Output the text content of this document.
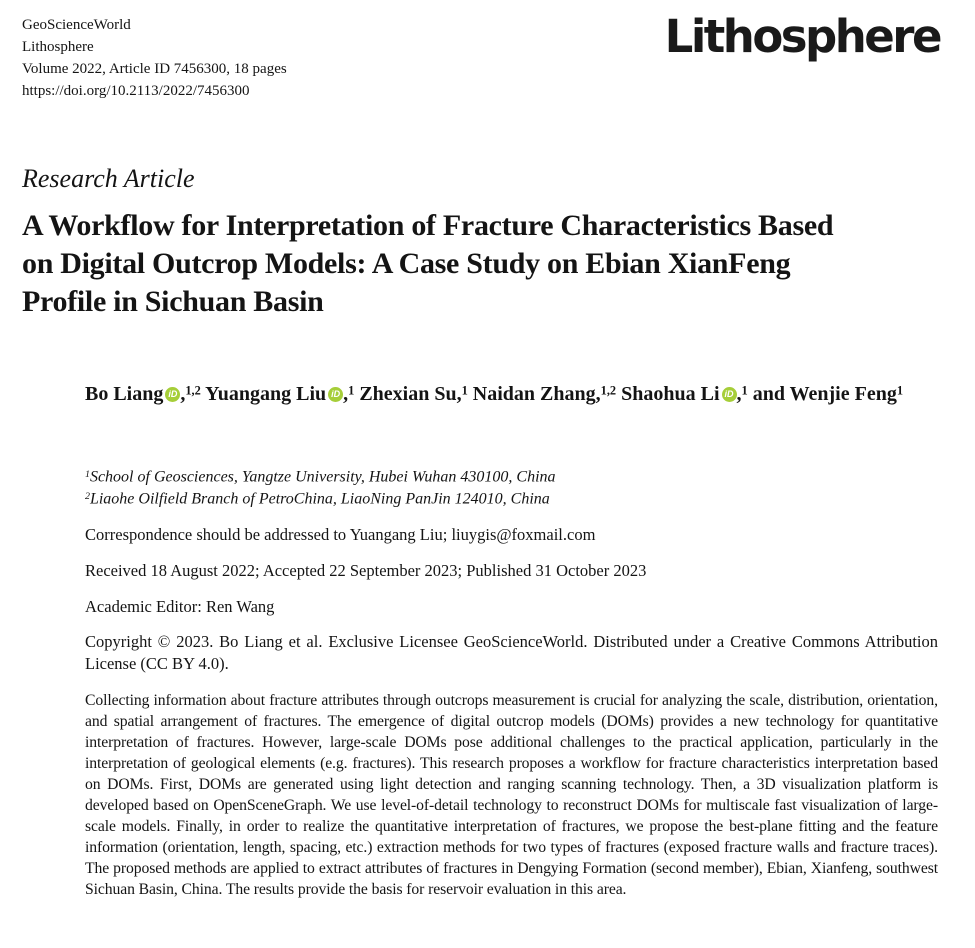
GeoScienceWorld
Lithosphere
Volume 2022, Article ID 7456300, 18 pages
https://doi.org/10.2113/2022/7456300
Lithosphere
Research Article
A Workflow for Interpretation of Fracture Characteristics Based
on Digital Outcrop Models: A Case Study on Ebian XianFeng
Profile in Sichuan Basin
Bo Liang iD ,$^{1,2}$ Yuangang Liu iD ,$^1$ Zhexian Su,$^1$ Naidan Zhang,$^{1,2}$ Shaohua Li iD ,$^1$ and Wenjie Feng$^1$
$^1$School of Geosciences, Yangtze University, Hubei Wuhan 430100, China
$^2$Liaohe Oilfield Branch of PetroChina, LiaoNing PanJin 124010, China
Correspondence should be addressed to Yuangang Liu; liuygis@foxmail.com
Received 18 August 2022; Accepted 22 September 2023; Published 31 October 2023
Academic Editor: Ren Wang
Copyright © 2023. Bo Liang et al. Exclusive Licensee GeoScienceWorld. Distributed under a Creative Commons Attribution License (CC BY 4.0).
Collecting information about fracture attributes through outcrops measurement is crucial for analyzing the scale, distribution, orientation, and spatial arrangement of fractures. The emergence of digital outcrop models (DOMs) provides a new technology for quantitative interpretation of fractures. However, large-scale DOMs pose additional challenges to the practical application, particularly in the interpretation of geological elements (e.g. fractures). This research proposes a workflow for fracture characteristics interpretation based on DOMs. First, DOMs are generated using light detection and ranging scanning technology. Then, a 3D visualization platform is developed based on OpenSceneGraph. We use level-of-detail technology to reconstruct DOMs for multiscale fast visualization of large-scale models. Finally, in order to realize the quantitative interpretation of fractures, we propose the best-plane fitting and the feature information (orientation, length, spacing, etc.) extraction methods for two types of fractures (exposed fracture walls and fracture traces). The proposed methods are applied to extract attributes of fractures in Dengying Formation (second member), Ebian, Xianfeng, southwest Sichuan Basin, China. The results provide the basis for reservoir evaluation in this area.
